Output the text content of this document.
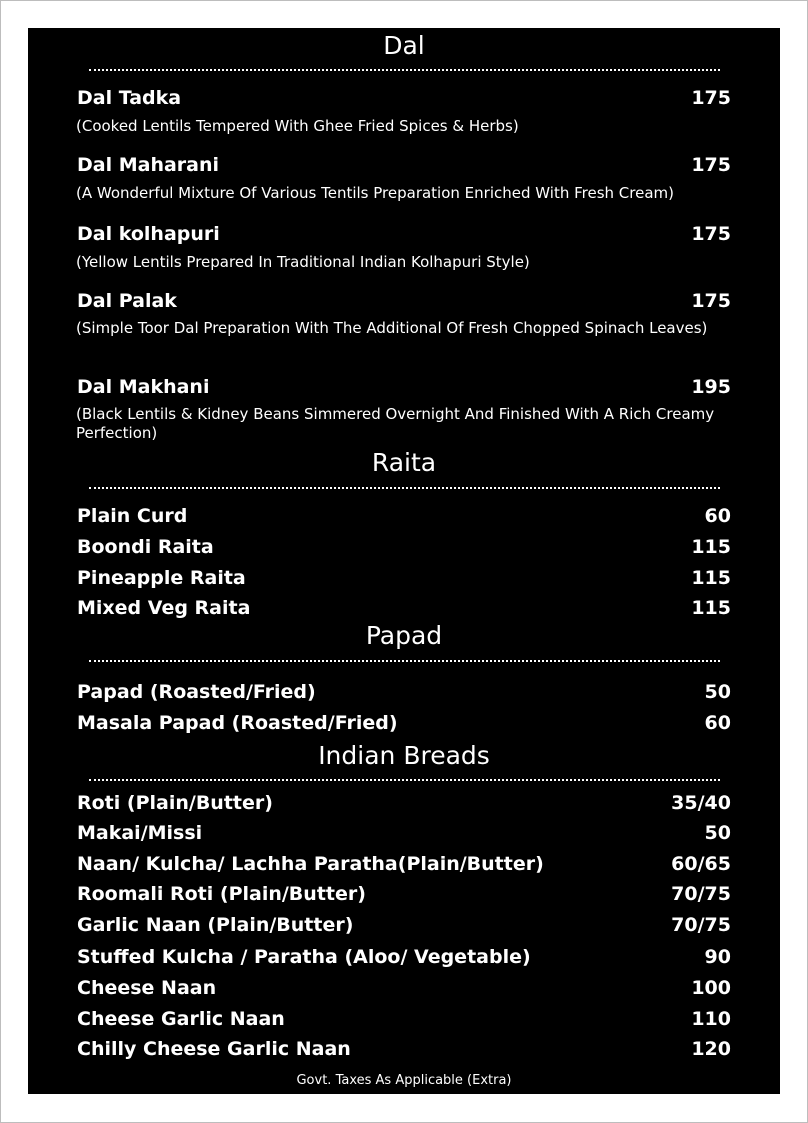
Dal
Dal Tadka	175
(Cooked Lentils Tempered With Ghee Fried Spices & Herbs)
Dal Maharani	175
(A Wonderful Mixture Of Various Tentils Preparation Enriched With Fresh Cream)
Dal kolhapuri	175
(Yellow Lentils Prepared In Traditional Indian Kolhapuri Style)
Dal Palak	175
(Simple Toor Dal Preparation With The Additional Of Fresh Chopped Spinach Leaves)
Dal Makhani	195
(Black Lentils & Kidney Beans Simmered Overnight And Finished With A Rich Creamy Perfection)
Raita
Plain Curd	60
Boondi Raita	115
Pineapple Raita	115
Mixed Veg Raita	115
Papad
Papad (Roasted/Fried)	50
Masala Papad (Roasted/Fried)	60
Indian Breads
Roti (Plain/Butter)	35/40
Makai/Missi	50
Naan/ Kulcha/ Lachha Paratha(Plain/Butter)	60/65
Roomali Roti (Plain/Butter)	70/75
Garlic Naan (Plain/Butter)	70/75
Stuffed Kulcha / Paratha (Aloo/ Vegetable)	90
Cheese Naan	100
Cheese Garlic Naan	110
Chilly Cheese Garlic Naan	120
Govt. Taxes As Applicable (Extra)
